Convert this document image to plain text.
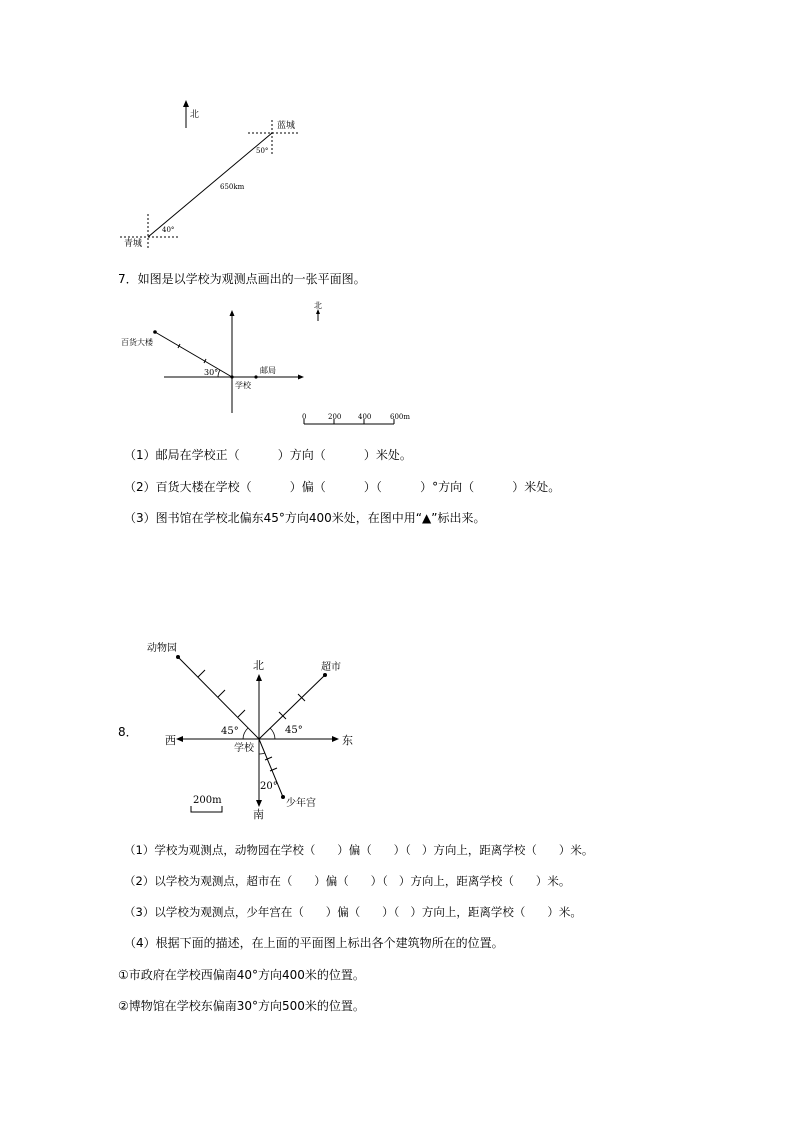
北
蓝城
50°
650km
40°
青城
北
百货大楼
30°	邮局
学校
0	200 400	600m
北
南
东
西
动物园
超市
少年宫
45°	45°
20°
学校
200m
7．如图是以学校为观测点画出的一张平面图。
（1）邮局在学校正（          ）方向（          ）米处。
（2）百货大楼在学校（          ）偏（          ）（          ）°方向（          ）米处。
（3）图书馆在学校北偏东45°方向400米处，在图中用“▲”标出来。
8．
（1）学校为观测点，动物园在学校（      ）偏（      ）（   ）方向上，距离学校（      ）米。
（2）以学校为观测点，超市在（      ）偏（      ）（   ）方向上，距离学校（      ）米。
（3）以学校为观测点，少年宫在（      ）偏（      ）（   ）方向上，距离学校（      ）米。
（4）根据下面的描述，在上面的平面图上标出各个建筑物所在的位置。
①市政府在学校西偏南40°方向400米的位置。
②博物馆在学校东偏南30°方向500米的位置。
